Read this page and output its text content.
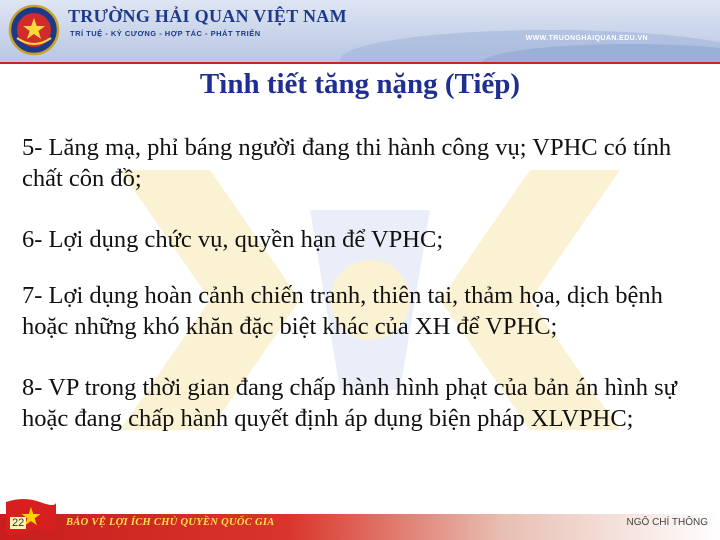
TRƯỜNG HẢI QUAN VIỆT NAM
TRÍ TUỆ - KỶ CƯƠNG - HỢP TÁC - PHÁT TRIỂN
WWW.TRUONGHAIQUAN.EDU.VN
Tình tiết tăng nặng (Tiếp)

5- Lăng mạ, phỉ báng người đang thi hành công vụ; VPHC có tính chất côn đồ;

6- Lợi dụng chức vụ, quyền hạn để VPHC;

7- Lợi dụng hoàn cảnh chiến tranh, thiên tai, thảm họa, dịch bệnh hoặc những khó khăn đặc biệt khác của XH để VPHC;

8- VP trong thời gian đang chấp hành hình phạt của bản án hình sự hoặc đang chấp hành quyết định áp dụng biện pháp XLVPHC;

22	BẢO VỆ LỢI ÍCH CHỦ QUYỀN QUỐC GIA	NGÔ CHÍ THÔNG
